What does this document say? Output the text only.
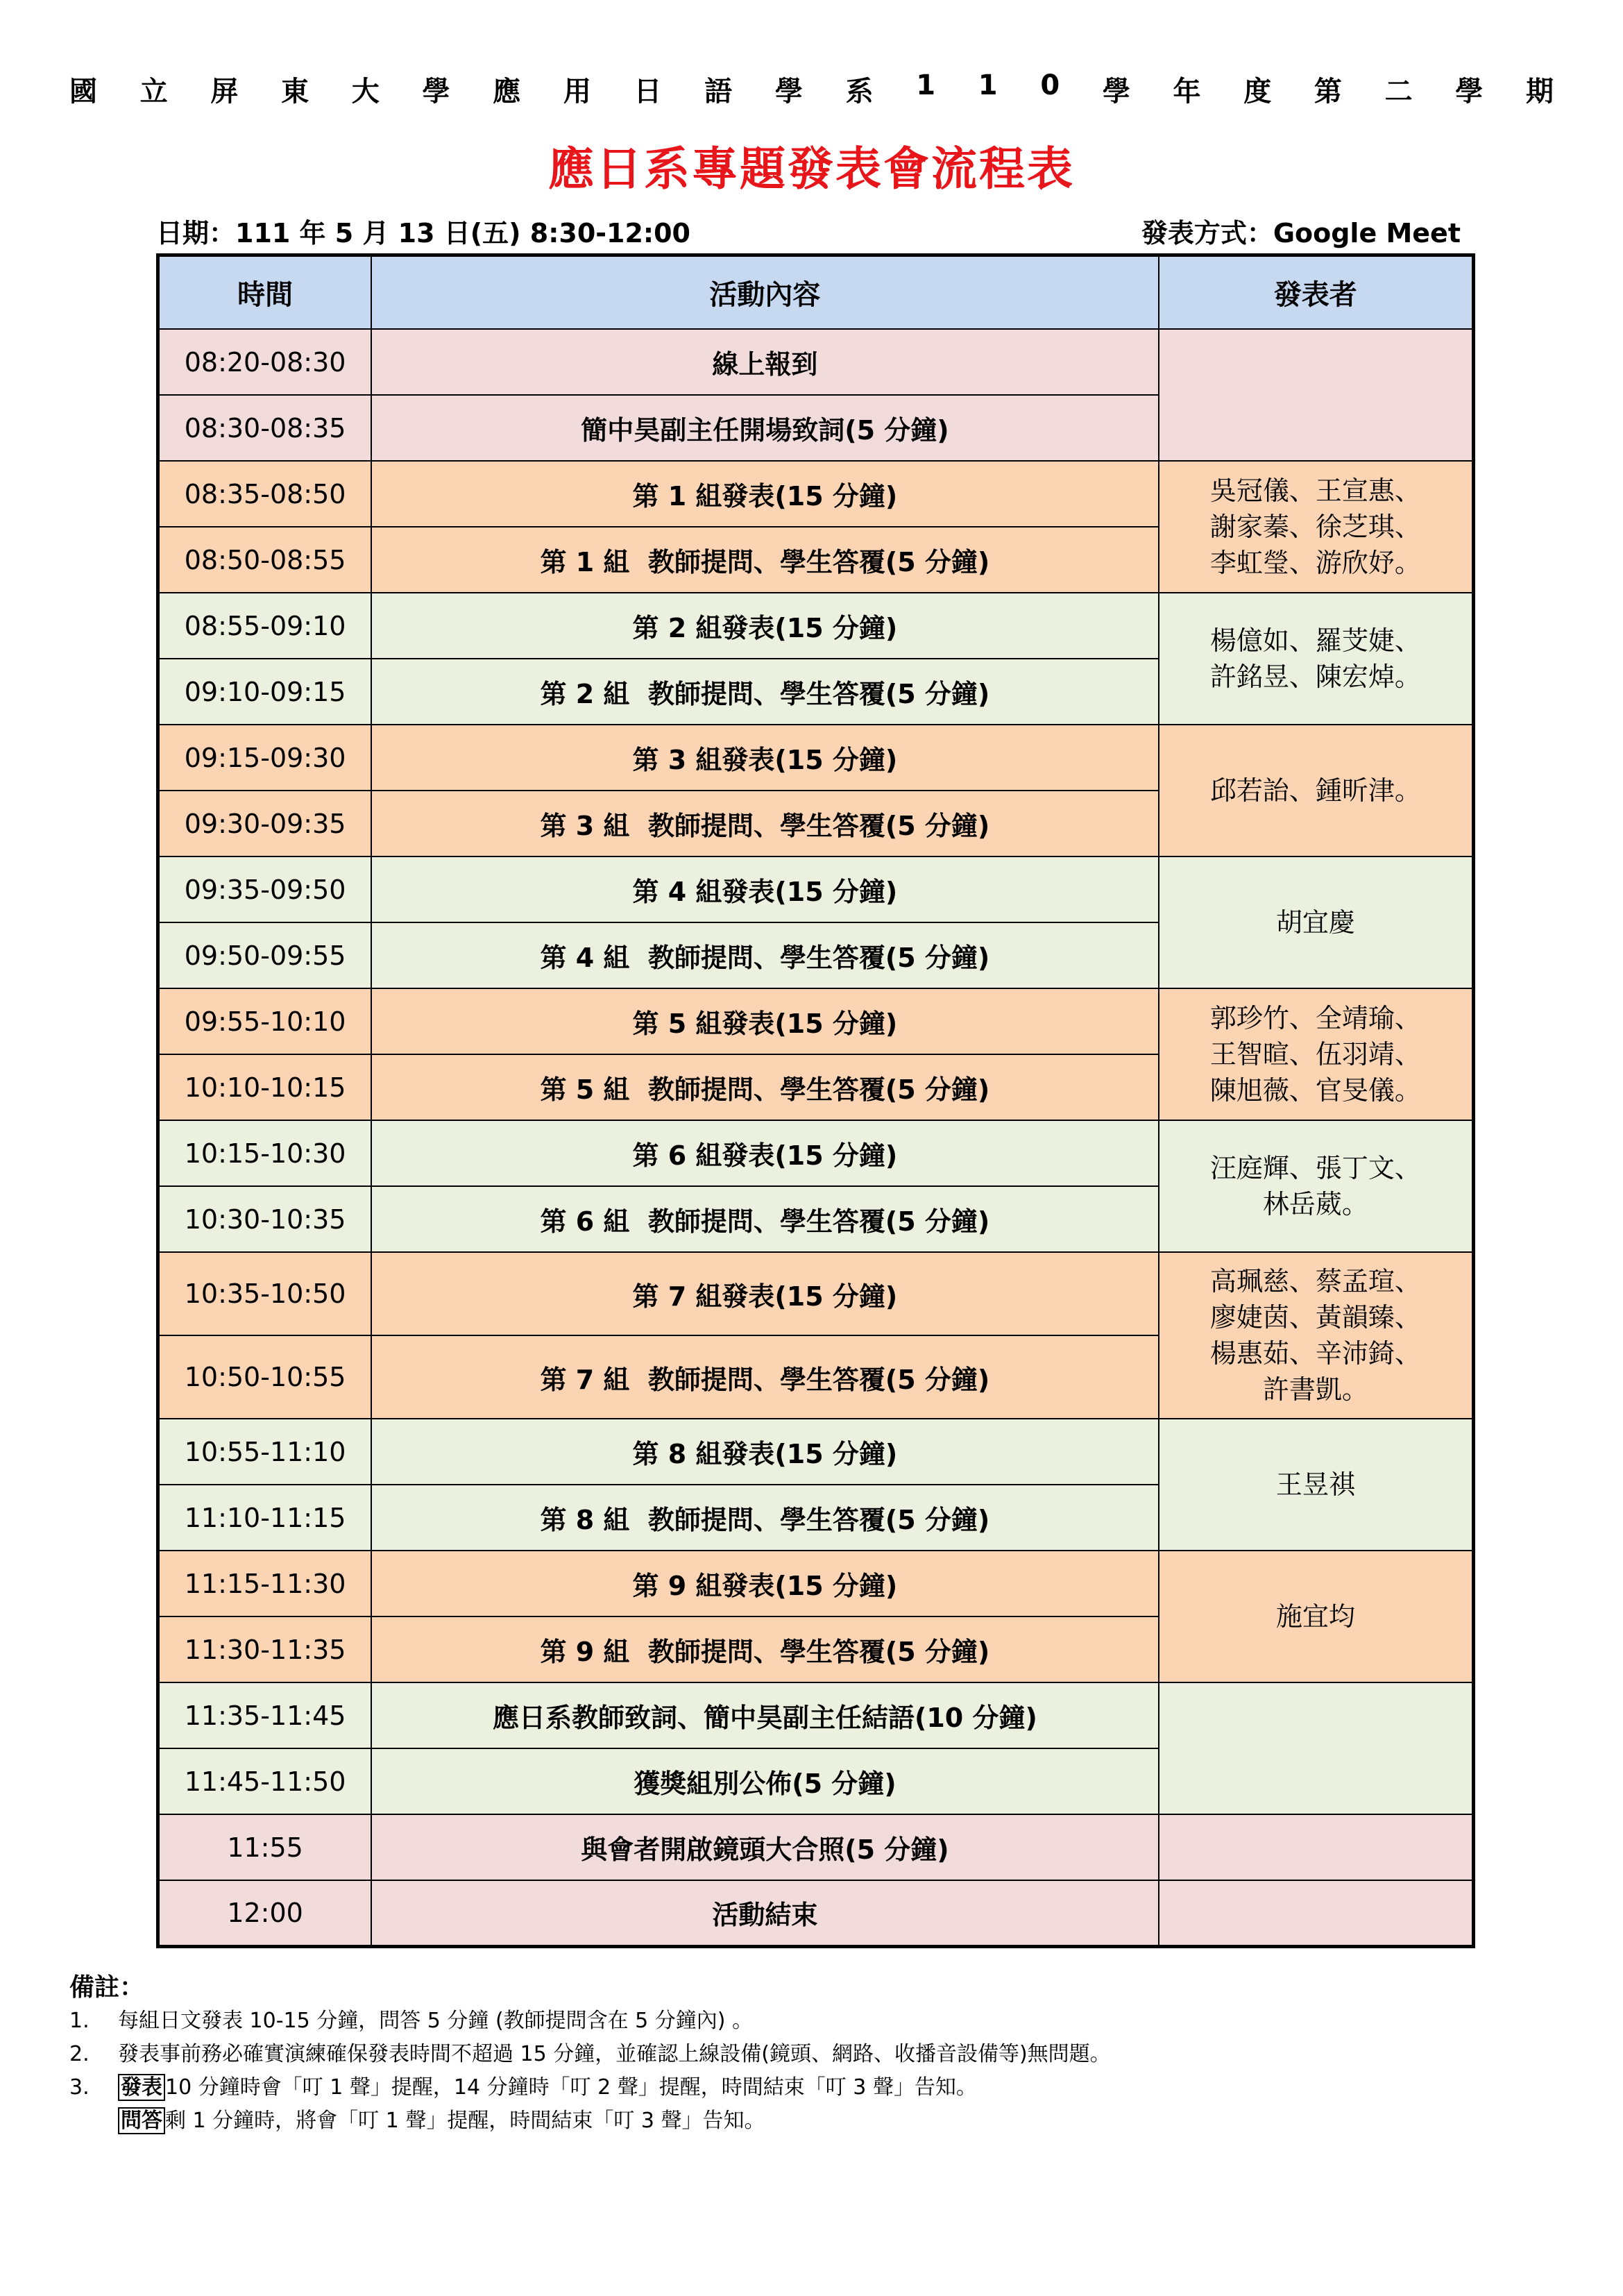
國 立 屏 東 大 學 應 用 日 語 學 系 1 1 0 學 年 度 第 二 學 期
應日系專題發表會流程表
日期：111 年 5 月 13 日(五) 8:30-12:00	發表方式：Google Meet
時間	活動內容	發表者
08:20-08:30	線上報到	
08:30-08:35	簡中昊副主任開場致詞(5 分鐘)	
08:35-08:50	第 1 組發表(15 分鐘)	吳冠儀、王宣惠、
謝家蓁、徐芝琪、
李虹瑩、游欣妤。
08:50-08:55	第 1 組  教師提問、學生答覆(5 分鐘)	
08:55-09:10	第 2 組發表(15 分鐘)	楊億如、羅芠婕、
許銘昱、陳宏焯。
09:10-09:15	第 2 組  教師提問、學生答覆(5 分鐘)	
09:15-09:30	第 3 組發表(15 分鐘)	邱若詒、鍾昕津。
09:30-09:35	第 3 組  教師提問、學生答覆(5 分鐘)	
09:35-09:50	第 4 組發表(15 分鐘)	胡宜慶
09:50-09:55	第 4 組  教師提問、學生答覆(5 分鐘)	
09:55-10:10	第 5 組發表(15 分鐘)	郭珍竹、全靖瑜、
王智暄、伍羽靖、
陳旭薇、官旻儀。
10:10-10:15	第 5 組  教師提問、學生答覆(5 分鐘)	
10:15-10:30	第 6 組發表(15 分鐘)	汪庭輝、張丁文、
林岳葳。
10:30-10:35	第 6 組  教師提問、學生答覆(5 分鐘)	
10:35-10:50	第 7 組發表(15 分鐘)	高珮慈、蔡孟瑄、
廖婕茵、黃韻臻、
楊惠茹、辛沛錡、
許書凱。
10:50-10:55	第 7 組  教師提問、學生答覆(5 分鐘)	
10:55-11:10	第 8 組發表(15 分鐘)	王昱祺
11:10-11:15	第 8 組  教師提問、學生答覆(5 分鐘)	
11:15-11:30	第 9 組發表(15 分鐘)	施宜均
11:30-11:35	第 9 組  教師提問、學生答覆(5 分鐘)	
11:35-11:45	應日系教師致詞、簡中昊副主任結語(10 分鐘)	
11:45-11:50	獲獎組別公佈(5 分鐘)	
11:55	與會者開啟鏡頭大合照(5 分鐘)	
12:00	活動結束	
備註：
1.	每組日文發表 10-15 分鐘，問答 5 分鐘 (教師提問含在 5 分鐘內) 。
2.	發表事前務必確實演練確保發表時間不超過 15 分鐘，並確認上線設備(鏡頭、網路、收播音設備等)無問題。
3.	發表 10 分鐘時會「叮 1 聲」提醒，14 分鐘時「叮 2 聲」提醒，時間結束「叮 3 聲」告知。
問答 剩 1 分鐘時，將會「叮 1 聲」提醒，時間結束「叮 3 聲」告知。
